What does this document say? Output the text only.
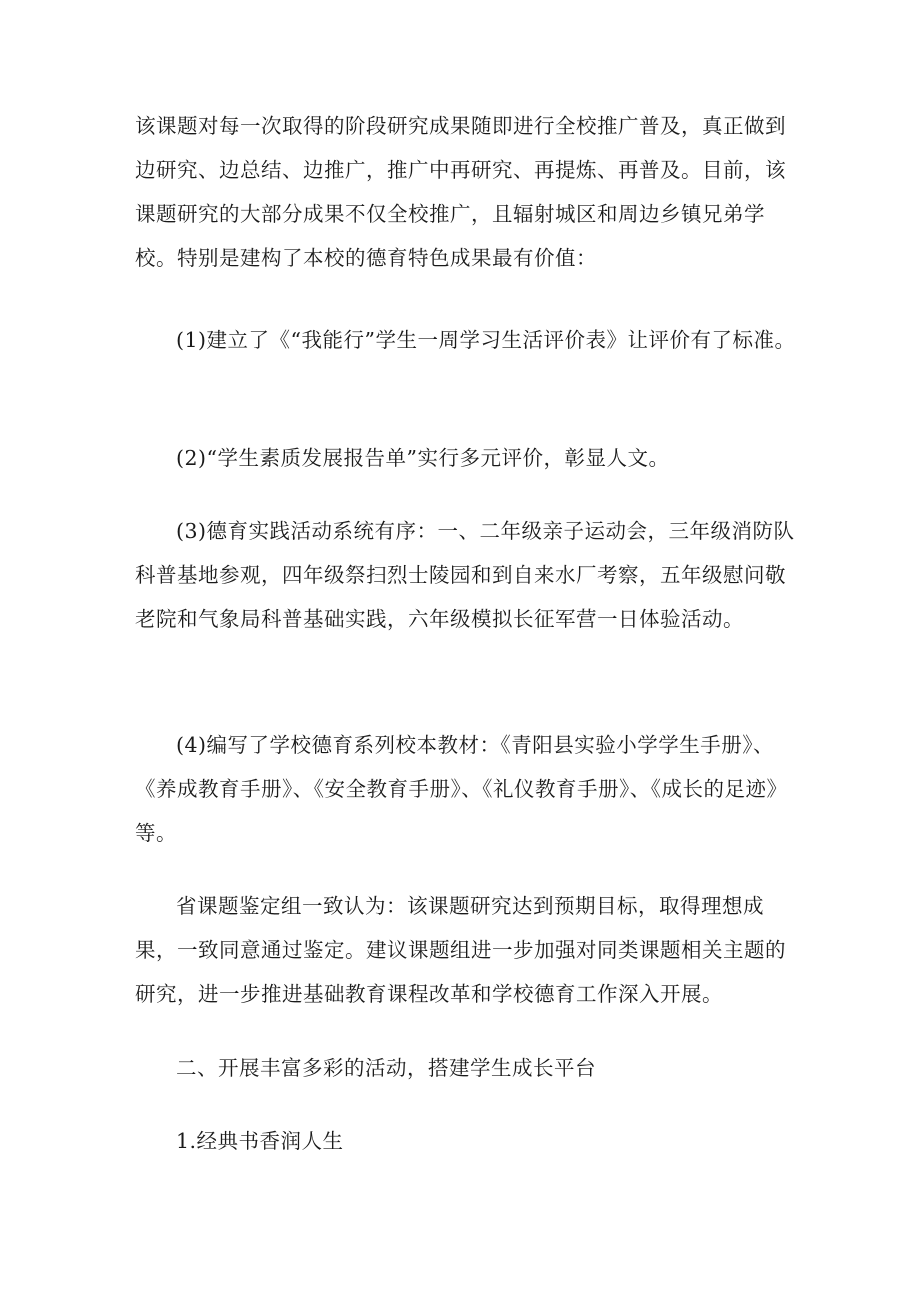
该课题对每一次取得的阶段研究成果随即进行全校推广普及，真正做到边研究、边总结、边推广，推广中再研究、再提炼、再普及。目前，该课题研究的大部分成果不仅全校推广，且辐射城区和周边乡镇兄弟学校。特别是建构了本校的德育特色成果最有价值：

(1)建立了《“我能行”学生一周学习生活评价表》让评价有了标准。

(2)“学生素质发展报告单”实行多元评价，彰显人文。

(3)德育实践活动系统有序：一、二年级亲子运动会，三年级消防队科普基地参观，四年级祭扫烈士陵园和到自来水厂考察，五年级慰问敬老院和气象局科普基础实践，六年级模拟长征军营一日体验活动。

(4)编写了学校德育系列校本教材：《青阳县实验小学学生手册》、《养成教育手册》、《安全教育手册》、《礼仪教育手册》、《成长的足迹》等。

省课题鉴定组一致认为：该课题研究达到预期目标，取得理想成果，一致同意通过鉴定。建议课题组进一步加强对同类课题相关主题的研究，进一步推进基础教育课程改革和学校德育工作深入开展。

二、开展丰富多彩的活动，搭建学生成长平台

1.经典书香润人生
